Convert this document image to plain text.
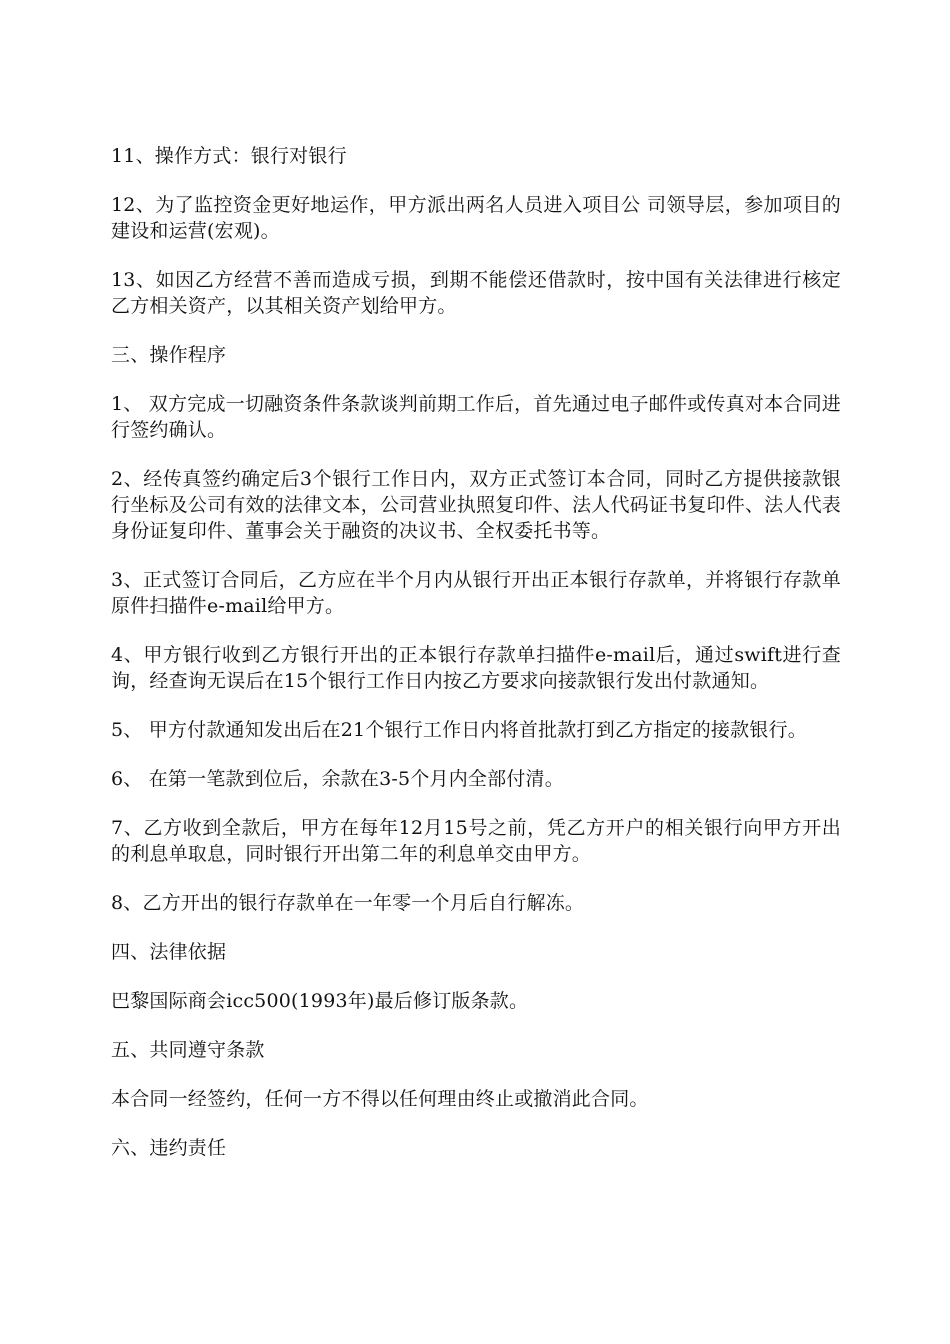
11、操作方式：银行对银行

12、为了监控资金更好地运作，甲方派出两名人员进入项目公 司领导层，参加项目的建设和运营(宏观)。

13、如因乙方经营不善而造成亏损，到期不能偿还借款时，按中国有关法律进行核定乙方相关资产，以其相关资产划给甲方。

三、操作程序

1、 双方完成一切融资条件条款谈判前期工作后，首先通过电子邮件或传真对本合同进行签约确认。

2、经传真签约确定后3个银行工作日内，双方正式签订本合同，同时乙方提供接款银行坐标及公司有效的法律文本，公司营业执照复印件、法人代码证书复印件、法人代表身份证复印件、董事会关于融资的决议书、全权委托书等。

3、正式签订合同后，乙方应在半个月内从银行开出正本银行存款单，并将银行存款单原件扫描件e-mail给甲方。

4、甲方银行收到乙方银行开出的正本银行存款单扫描件e-mail后，通过swift进行查询，经查询无误后在15个银行工作日内按乙方要求向接款银行发出付款通知。

5、 甲方付款通知发出后在21个银行工作日内将首批款打到乙方指定的接款银行。

6、 在第一笔款到位后，余款在3-5个月内全部付清。

7、乙方收到全款后，甲方在每年12月15号之前，凭乙方开户的相关银行向甲方开出的利息单取息，同时银行开出第二年的利息单交由甲方。

8、乙方开出的银行存款单在一年零一个月后自行解冻。

四、法律依据

巴黎国际商会icc500(1993年)最后修订版条款。

五、共同遵守条款

本合同一经签约，任何一方不得以任何理由终止或撤消此合同。

六、违约责任
